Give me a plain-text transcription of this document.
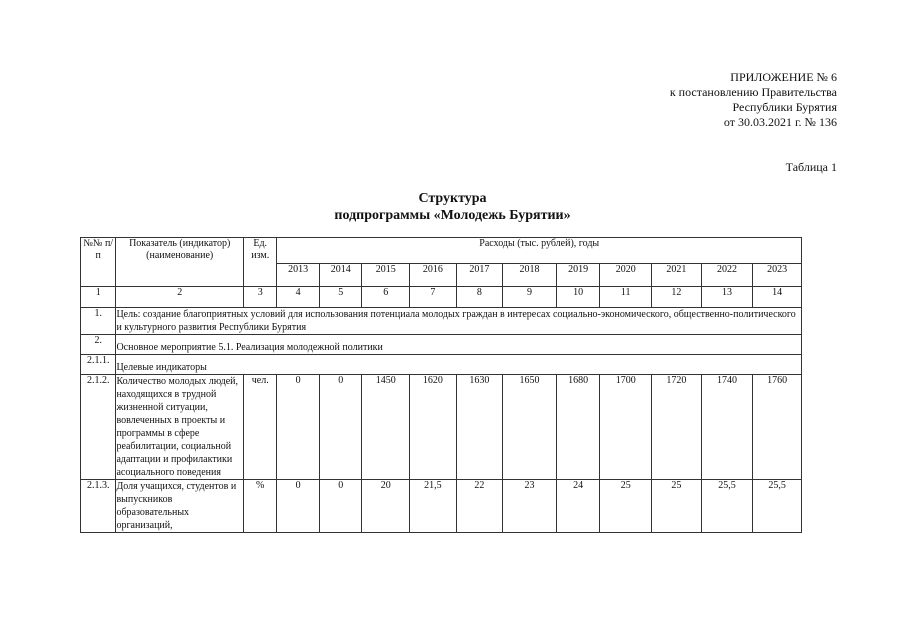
ПРИЛОЖЕНИЕ № 6
к постановлению Правительства
Республики Бурятия
от 30.03.2021 г. № 136
Таблица 1
Структура
подпрограммы «Молодежь Бурятии»
№№ п/п	Показатель (индикатор) (наименование)	Ед. изм.	Расходы (тыс. рублей), годы										
			2013	2014	2015	2016	2017	2018	2019	2020	2021	2022	2023
1	2	3	4	5	6	7	8	9	10	11	12	13	14
1.	Цель: создание благоприятных условий для использования потенциала молодых граждан в интересах социально-экономического, общественно-политического и культурного развития Республики Бурятия												
2.	Основное мероприятие 5.1. Реализация молодежной политики												
2.1.1.	Целевые индикаторы												
2.1.2.	Количество молодых людей, находящихся в трудной жизненной ситуации, вовлеченных в проекты и программы в сфере реабилитации, социальной адаптации и профилактики асоциального поведения	чел.	0	0	1450	1620	1630	1650	1680	1700	1720	1740	1760
2.1.3.	Доля учащихся, студентов и выпускников образовательных организаций,	%	0	0	20	21,5	22	23	24	25	25	25,5	25,5
